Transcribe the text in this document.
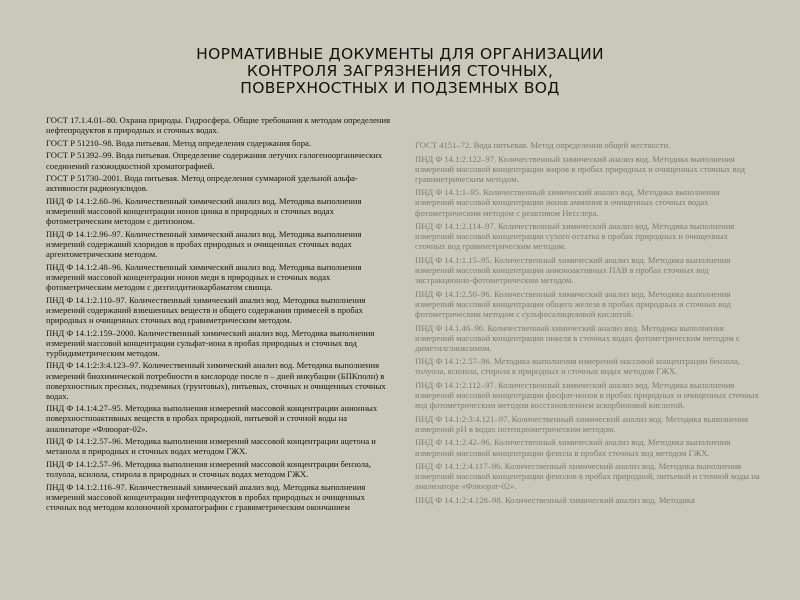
НОРМАТИВНЫЕ ДОКУМЕНТЫ ДЛЯ ОРГАНИЗАЦИИ
КОНТРОЛЯ ЗАГРЯЗНЕНИЯ СТОЧНЫХ,
ПОВЕРХНОСТНЫХ И ПОДЗЕМНЫХ ВОД

ГОСТ 17.1.4.01–80. Охрана природы. Гидросфера. Общие требования к методам определения нефтепродуктов в природных и сточных водах.

ГОСТ Р 51210–98. Вода питьевая. Метод определения содержания бора.

ГОСТ Р 51392–99. Вода питьевая. Определение содержания летучих галогеноорганических соединений газожидкостной хроматографией.

ГОСТ Р 51730–2001. Вода питьевая. Метод определения суммарной удельной альфа-активности радионуклидов.

ПНД Ф 14.1:2.60–96. Количественный химический анализ вод. Методика выполнения измерений массовой концентрации ионов цинка в природных и сточных водах фотометрическим методом с дитизоном.

ПНД Ф 14.1:2.96–97. Количественный химический анализ вод. Методика выполнения измерений содержаний хлоридов в пробах природных и очищенных сточных водах аргентометрическим методом.

ПНД Ф 14.1:2.48–96. Количественный химический анализ вод. Методика выполнения измерений массовой концентрации ионов меди в природных и сточных водах фотометрическим методом с диэтилдитиокарбаматом свинца.

ПНД Ф 14.1:2.110–97. Количественный химический анализ вод. Методика выполнения измерений содержаний взвешенных веществ и общего содержания примесей в пробах природных и очищенных сточных вод гравиметрическим методом.

ПНД Ф 14.1:2.159–2000. Количественный химический анализ вод. Методика выполнения измерений массовой концентрации сульфат-иона в пробах природных и сточных вод турбидиметрическим методом.

ПНД Ф 14.1:2:3:4.123–97. Количественный химический анализ вод. Методика выполнения измерений биохимической потребности в кислороде после n – дней инкубации (БПКполн) в поверхностных пресных, подземных (грунтовых), питьевых, сточных и очищенных сточных водах.

ПНД Ф 14.1:4.27–95. Методика выполнения измерений массовой концентрации анионных поверхностноактивных веществ в пробах природной, питьевой и сточной воды на анализаторе «Флюорат-02».

ПНД Ф 14.1:2.57–96. Методика выполнения измерений массовой концентрации ацетона и метанола в природных и сточных водах методом ГЖХ.

ПНД Ф 14.1:2.57–96. Методика выполнения измерений массовой концентрации бензола, толуола, ксилола, стирола в природных и сточных водах методом ГЖХ.

ПНД Ф 14.1:2.116–97. Количественный химический анализ вод. Методика выполнения измерений массовой концентрации нефтепродуктов в пробах природных и очищенных сточных вод методом колоночной хроматографии с гравиметрическим окончанием

ГОСТ 4151–72. Вода питьевая. Метод определения общей жесткости.

ПНД Ф 14.1:2.122–97. Количественный химический анализ вод. Методика выполнения измерений массовой концентрации жиров в пробах природных и очищенных сточных вод гравиметрическим методом.

ПНД Ф 14.1:1–95. Количественный химический анализ вод. Методика выполнения измерений массовой концентрации ионов аммония в очищенных сточных водах фотометрическим методом с реактивом Несслера.

ПНД Ф 14.1:2.114–97. Количественный химический анализ вод. Методика выполнения измерений массовой концентрации сухого остатка в пробах природных и очищенных сточных вод гравиметрическим методом.

ПНД Ф 14.1:1.15–95. Количественный химический анализ вод. Методика выполнения измерений массовой концентрации анионоактивных ПАВ в пробах сточных вод экстракционно-фотометрическим методом.

ПНД Ф 14.1:2.50–96. Количественный химический анализ вод. Методика выполнения измерений массовой концентрации общего железа в пробах природных и сточных вод фотометрическим методом с сульфосалициловой кислотой.

ПНД Ф 14.1.46–96. Количественный химический анализ вод. Методика выполнения измерений массовой концентрации никеля в сточных водах фотометрическим методом с диметилглиоксимом.

ПНД Ф 14.1:2.57–96. Методика выполнения измерений массовой концентрации бензола, толуола, ксилола, стирола в природных и сточных водах методом ГЖХ.

ПНД Ф 14.1:2.112–97. Количественный химический анализ вод. Методика выполнения измерений массовой концентрации фосфат-ионов в пробах природных и очищенных сточных вод фотометрическим методом восстановлением аскорбиновой кислотой.

ПНД Ф 14.1:2:3:4.121–97. Количественный химический анализ вод. Методика выполнения измерений pH в водах потенциометрическим методом.

ПНД Ф 14.1:2.42–96. Количественный химический анализ вод. Методика выполнения измерений массовой концентрации фенола в пробах сточных вод методом ГЖХ.

ПНД Ф 14.1:2:4.117–96. Количественный химический анализ вод. Методика выполнения измерений массовой концентрации фенолов в пробах природной, питьевой и сточной воды на анализаторе «Флюорат-02».

ПНД Ф 14.1:2:4.128–98. Количественный химический анализ вод. Методика
